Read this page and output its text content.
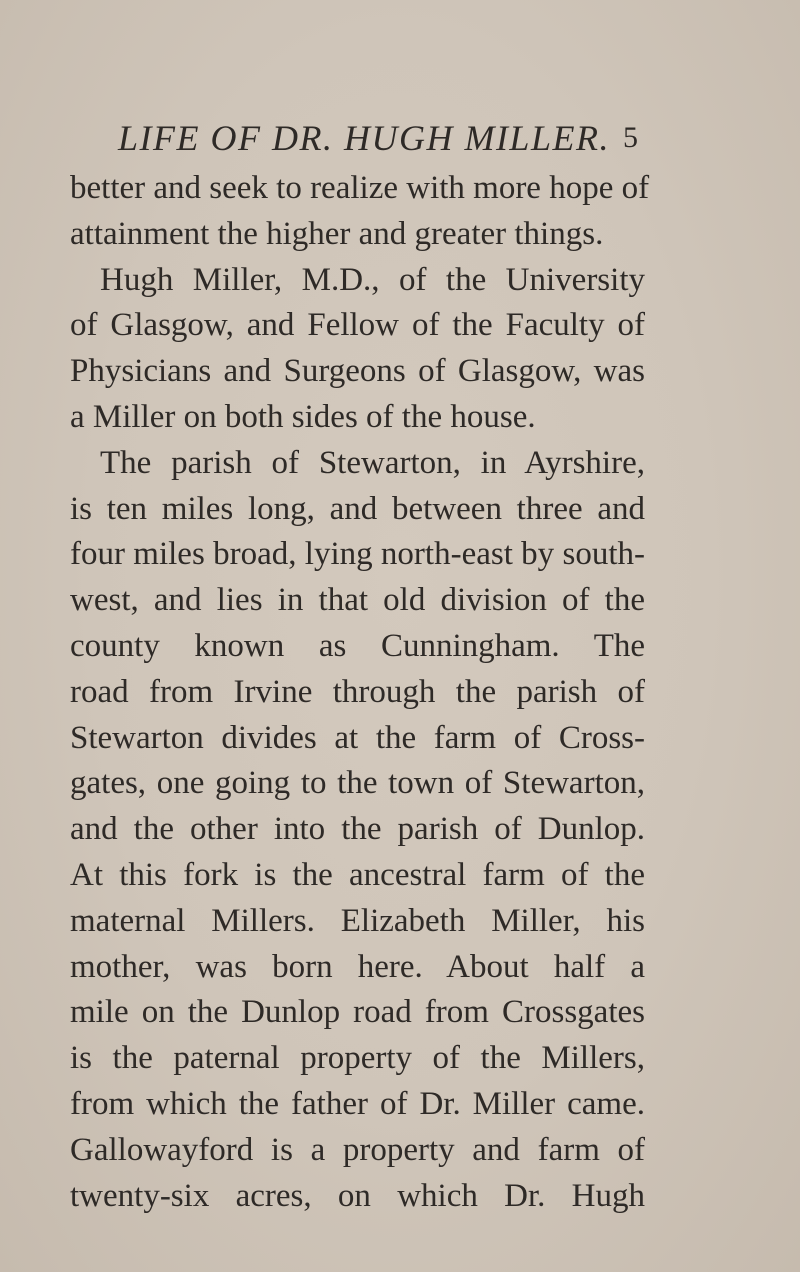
LIFE OF DR. HUGH MILLER. 5
better and seek to realize with more hope of
attainment the higher and greater things.
Hugh Miller, M.D., of the University
of Glasgow, and Fellow of the Faculty of
Physicians and Surgeons of Glasgow, was
a Miller on both sides of the house.
The parish of Stewarton, in Ayrshire,
is ten miles long, and between three and
four miles broad, lying north-east by south-
west, and lies in that old division of the
county known as Cunningham. The
road from Irvine through the parish of
Stewarton divides at the farm of Cross-
gates, one going to the town of Stewarton,
and the other into the parish of Dunlop.
At this fork is the ancestral farm of the
maternal Millers. Elizabeth Miller, his
mother, was born here. About half a
mile on the Dunlop road from Crossgates
is the paternal property of the Millers,
from which the father of Dr. Miller came.
Gallowayford is a property and farm of
twenty-six acres, on which Dr. Hugh
